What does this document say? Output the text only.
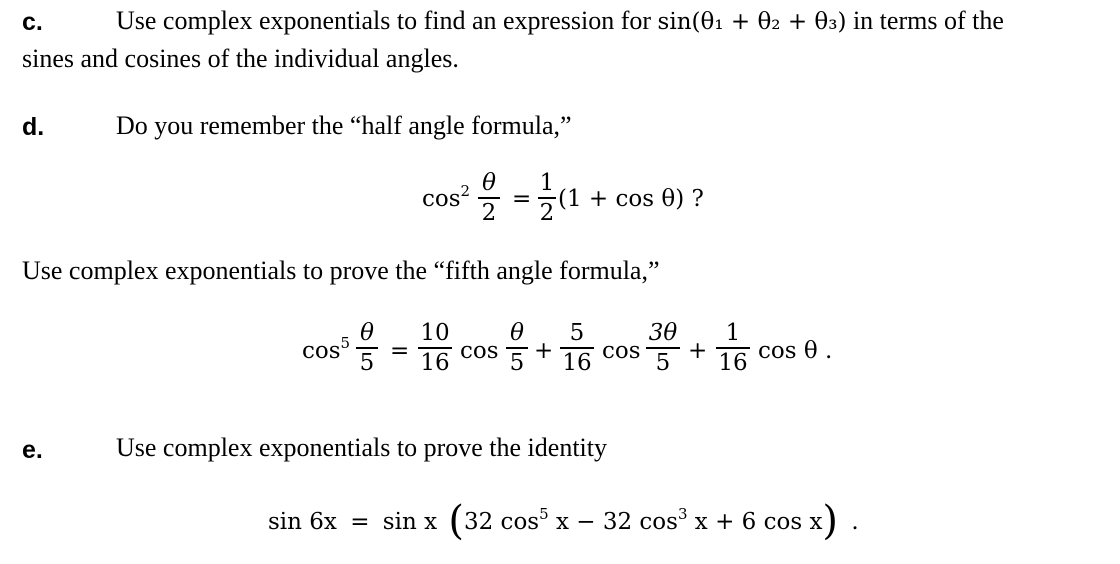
c.	Use complex exponentials to find an expression for sin(θ₁ + θ₂ + θ₃) in terms of the
sines and cosines of the individual angles.
d.	Do you remember the “half angle formula,”
$\cos^2 \theta$
2
=
1
2
(1 + cos θ) ?
Use complex exponentials to prove the “fifth angle formula,”
$\cos^5 \theta$
5 =
10
16 cos
θ
5 +
5
16 cos
3θ
5 +
1
16 cos θ .
e.	Use complex exponentials to prove the identity
sin 6x = sin x (32 $\cos^5 x - 32$ $\cos^3 x + 6$ cos x) .
